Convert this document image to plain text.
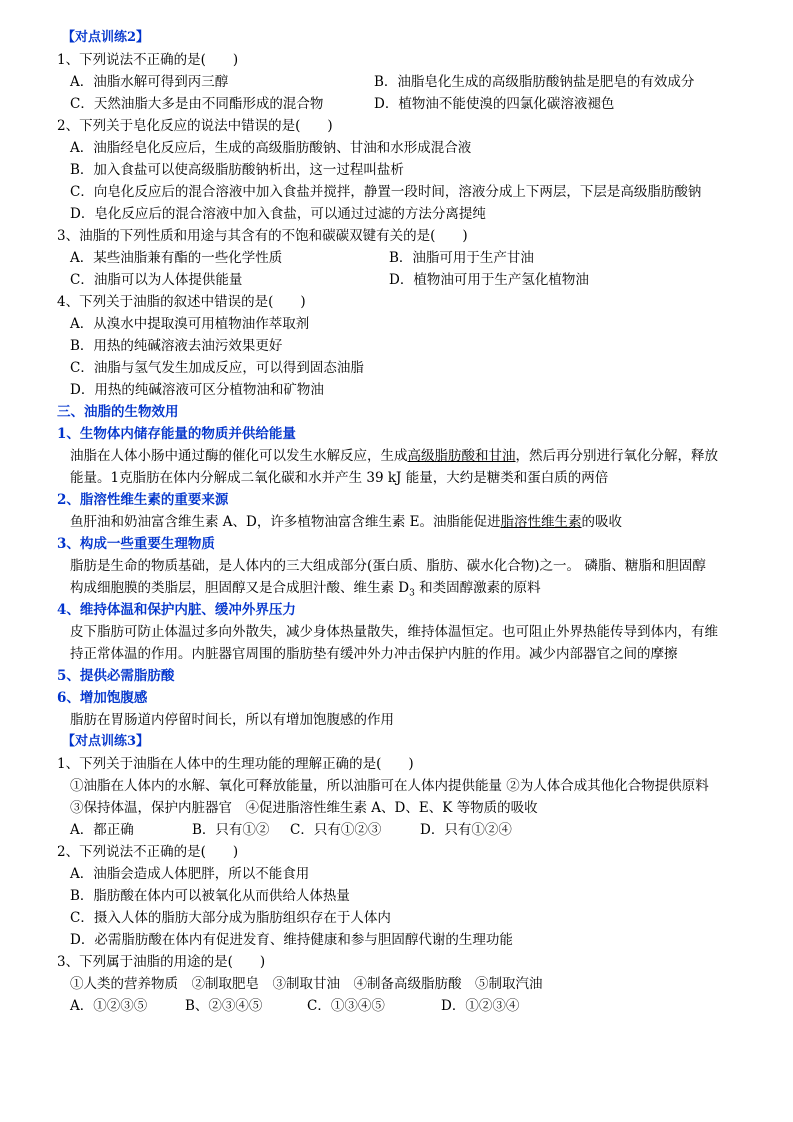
【对点训练2】
1、下列说法不正确的是(　　)
A．油脂水解可得到丙三醇	B．油脂皂化生成的高级脂肪酸钠盐是肥皂的有效成分
C．天然油脂大多是由不同酯形成的混合物	D．植物油不能使溴的四氯化碳溶液褪色
2、下列关于皂化反应的说法中错误的是(　　)
A．油脂经皂化反应后，生成的高级脂肪酸钠、甘油和水形成混合液
B．加入食盐可以使高级脂肪酸钠析出，这一过程叫盐析
C．向皂化反应后的混合溶液中加入食盐并搅拌，静置一段时间，溶液分成上下两层，下层是高级脂肪酸钠
D．皂化反应后的混合溶液中加入食盐，可以通过过滤的方法分离提纯
3、油脂的下列性质和用途与其含有的不饱和碳碳双键有关的是(　　)
A．某些油脂兼有酯的一些化学性质	B．油脂可用于生产甘油
C．油脂可以为人体提供能量	D．植物油可用于生产氢化植物油
4、下列关于油脂的叙述中错误的是(　　)
A．从溴水中提取溴可用植物油作萃取剂
B．用热的纯碱溶液去油污效果更好
C．油脂与氢气发生加成反应，可以得到固态油脂
D．用热的纯碱溶液可区分植物油和矿物油
三、油脂的生物效用
1、生物体内储存能量的物质并供给能量
油脂在人体小肠中通过酶的催化可以发生水解反应，生成高级脂肪酸和甘油，然后再分别进行氧化分解，释放
能量。1克脂肪在体内分解成二氧化碳和水并产生 39 kJ 能量，大约是糖类和蛋白质的两倍
2、脂溶性维生素的重要来源
鱼肝油和奶油富含维生素 A、D，许多植物油富含维生素 E。油脂能促进脂溶性维生素的吸收
3、构成一些重要生理物质
脂肪是生命的物质基础，是人体内的三大组成部分(蛋白质、脂肪、碳水化合物)之一。 磷脂、糖脂和胆固醇
构成细胞膜的类脂层，胆固醇又是合成胆汁酸、维生素 $D_3$ 和类固醇激素的原料
4、维持体温和保护内脏、缓冲外界压力
皮下脂肪可防止体温过多向外散失，减少身体热量散失，维持体温恒定。也可阻止外界热能传导到体内，有维
持正常体温的作用。内脏器官周围的脂肪垫有缓冲外力冲击保护内脏的作用。减少内部器官之间的摩擦
5、提供必需脂肪酸
6、增加饱腹感
脂肪在胃肠道内停留时间长，所以有增加饱腹感的作用
【对点训练3】
1、下列关于油脂在人体中的生理功能的理解正确的是(　　)
①油脂在人体内的水解、氧化可释放能量，所以油脂可在人体内提供能量 ②为人体合成其他化合物提供原料
③保持体温，保护内脏器官　④促进脂溶性维生素 A、D、E、K 等物质的吸收
A．都正确	B．只有①② C．只有①②③	D．只有①②④
2、下列说法不正确的是(　　)
A．油脂会造成人体肥胖，所以不能食用
B．脂肪酸在体内可以被氧化从而供给人体热量
C．摄入人体的脂肪大部分成为脂肪组织存在于人体内
D．必需脂肪酸在体内有促进发育、维持健康和参与胆固醇代谢的生理功能
3、下列属于油脂的用途的是(　　)
①人类的营养物质　②制取肥皂　③制取甘油　④制备高级脂肪酸　⑤制取汽油
A．①②③⑤	B、②③④⑤	C．①③④⑤	D．①②③④
